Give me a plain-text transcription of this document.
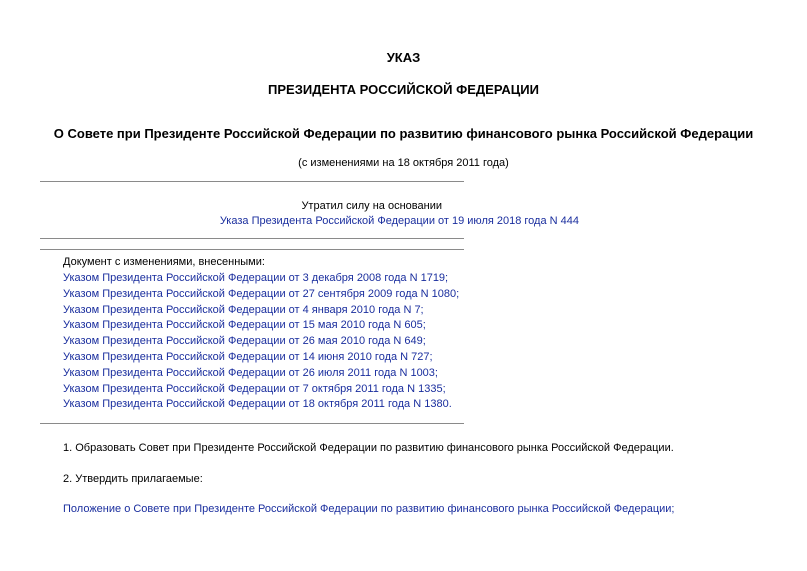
УКАЗ
ПРЕЗИДЕНТА РОССИЙСКОЙ ФЕДЕРАЦИИ
О Совете при Президенте Российской Федерации по развитию финансового рынка Российской Федерации
(с изменениями на 18 октября 2011 года)
Утратил силу на основании
Указа Президента Российской Федерации от 19 июля 2018 года N 444
Документ с изменениями, внесенными:
Указом Президента Российской Федерации от 3 декабря 2008 года N 1719;
Указом Президента Российской Федерации от 27 сентября 2009 года N 1080;
Указом Президента Российской Федерации от 4 января 2010 года N 7;
Указом Президента Российской Федерации от 15 мая 2010 года N 605;
Указом Президента Российской Федерации от 26 мая 2010 года N 649;
Указом Президента Российской Федерации от 14 июня 2010 года N 727;
Указом Президента Российской Федерации от 26 июля 2011 года N 1003;
Указом Президента Российской Федерации от 7 октября 2011 года N 1335;
Указом Президента Российской Федерации от 18 октября 2011 года N 1380.
1. Образовать Совет при Президенте Российской Федерации по развитию финансового рынка Российской Федерации.
2. Утвердить прилагаемые:
Положение о Совете при Президенте Российской Федерации по развитию финансового рынка Российской Федерации;
